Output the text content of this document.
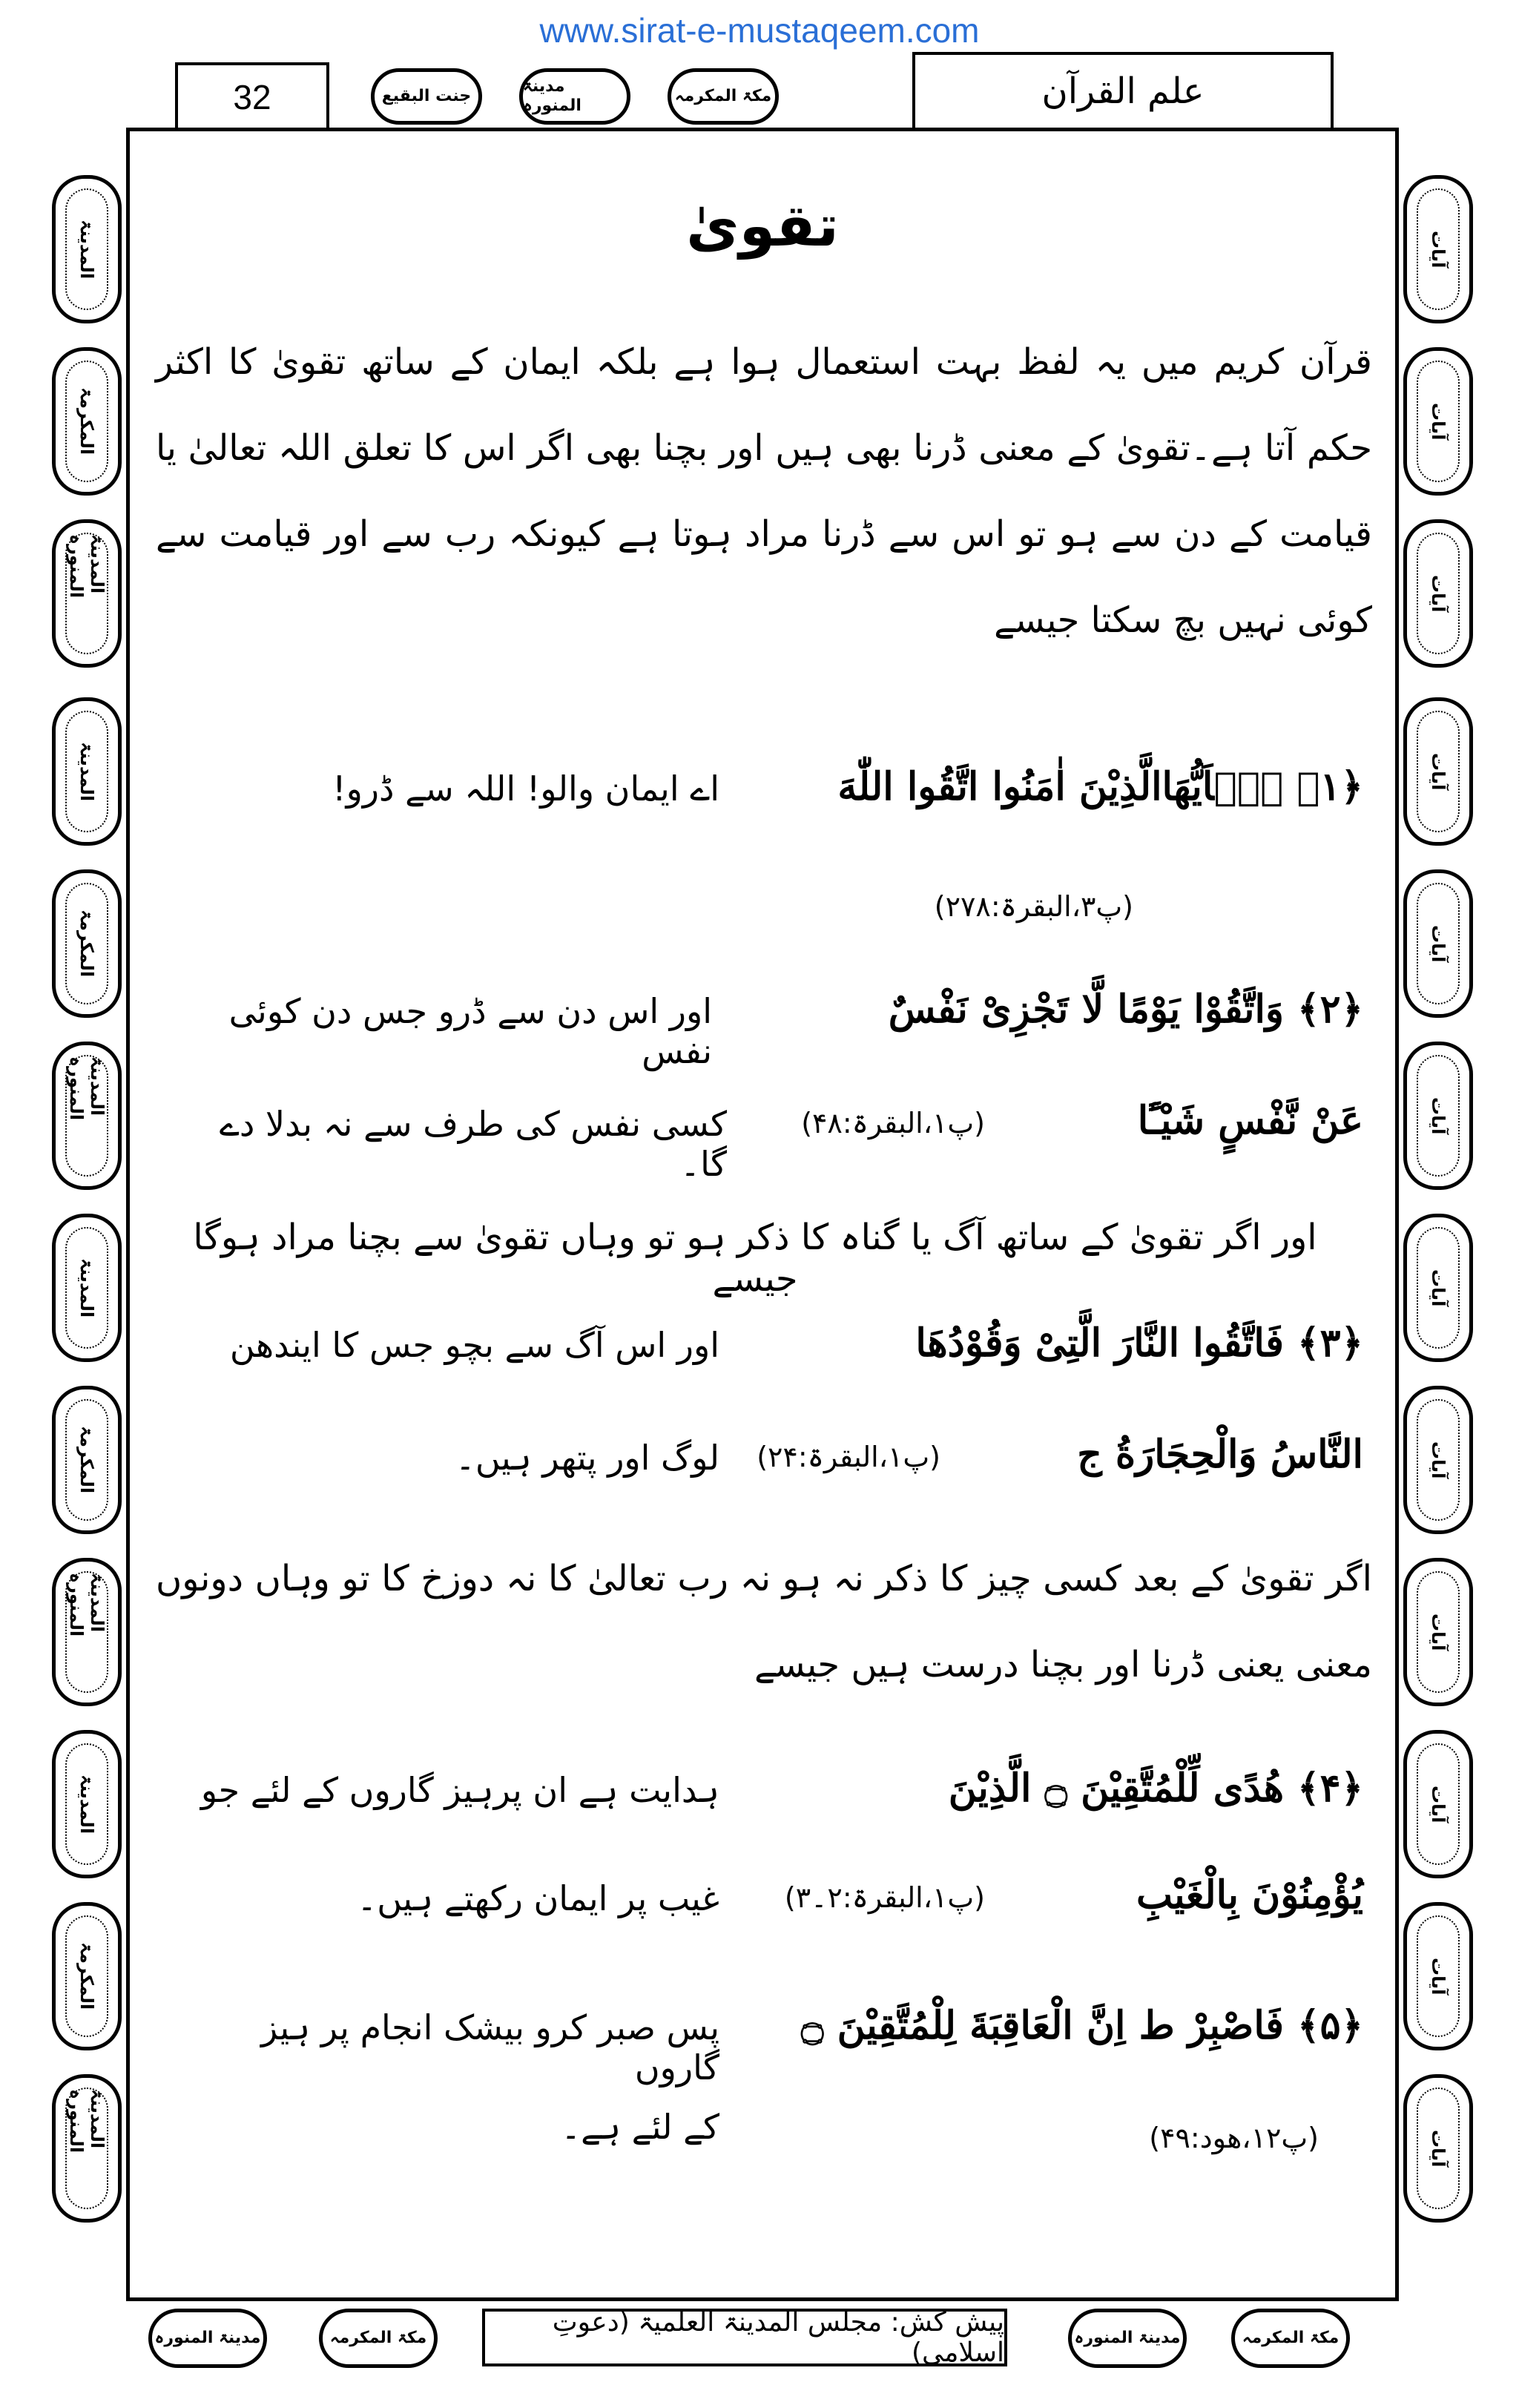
www.sirat-e-mustaqeem.com
32	جنت البقیع
مدینۃ المنورہ
مکۃ المکرمہ	علم القرآن
المدینۃ
المکرمۃ
المدینۃ المنورہ
المدینۃ
المکرمۃ
المدینۃ المنورہ
المدینۃ
المکرمۃ
المدینۃ المنورہ
المدینۃ
المکرمۃ
المدینۃ المنورہ
آیات
آیات
آیات
آیات
آیات
آیات
آیات
آیات
آیات
آیات
آیات
آیات
تقویٰ
قرآن کریم میں یہ لفظ بہت استعمال ہوا ہے بلکہ ایمان کے ساتھ تقویٰ کا اکثر حکم آتا ہے۔تقویٰ کے معنی ڈرنا بھی ہیں اور بچنا بھی اگر اس کا تعلق اللہ تعالیٰ یا قیامت کے دن سے ہو تو اس سے ڈرنا مراد ہوتا ہے کیونکہ رب سے اور قیامت سے کوئی نہیں بچ سکتا جیسے
﴿۱﴾ یٰۤاَیُّهَاالَّذِیْنَ اٰمَنُوا اتَّقُوا اللّٰهَ
اے ایمان والو! اللہ سے ڈرو!
(پ۳،البقرۃ:۲۷۸)
﴿۲﴾ وَاتَّقُوْا یَوْمًا لَّا تَجْزِیْ نَفْسٌ
اور اس دن سے ڈرو جس دن کوئی نفس
عَنْ نَّفْسٍ شَیْـًٔا
(پ۱،البقرۃ:۴۸)
کسی نفس کی طرف سے نہ بدلا دے گا۔
اور اگر تقویٰ کے ساتھ آگ یا گناہ کا ذکر ہو تو وہاں تقویٰ سے بچنا مراد ہوگا جیسے
﴿۳﴾ فَاتَّقُوا النَّارَ الَّتِیْ وَقُوْدُهَا
اور اس آگ سے بچو جس کا ایندھن
النَّاسُ وَالْحِجَارَةُ ج
(پ۱،البقرۃ:۲۴)
لوگ اور پتھر ہیں۔
اگر تقویٰ کے بعد کسی چیز کا ذکر نہ ہو نہ رب تعالیٰ کا نہ دوزخ کا تو وہاں دونوں معنی یعنی ڈرنا اور بچنا درست ہیں جیسے
﴿۴﴾ هُدًی لِّلْمُتَّقِیْنَ ۝ الَّذِیْنَ
ہدایت ہے ان پرہیز گاروں کے لئے جو
یُؤْمِنُوْنَ بِالْغَیْبِ
(پ۱،البقرۃ:۲۔۳)
غیب پر ایمان رکھتے ہیں۔
﴿۵﴾ فَاصْبِرْ ط اِنَّ الْعَاقِبَةَ لِلْمُتَّقِیْنَ ۝
پس صبر کرو بیشک انجام پر ہیز گاروں
(پ۱۲،ھود:۴۹)
کے لئے ہے۔
مدینۃ المنورہ	مکۃ المکرمہ
پیش کش: مجلس المدینۃ العلمیۃ (دعوتِ اسلامی)	مدینۃ المنورہ	مکۃ المکرمہ
